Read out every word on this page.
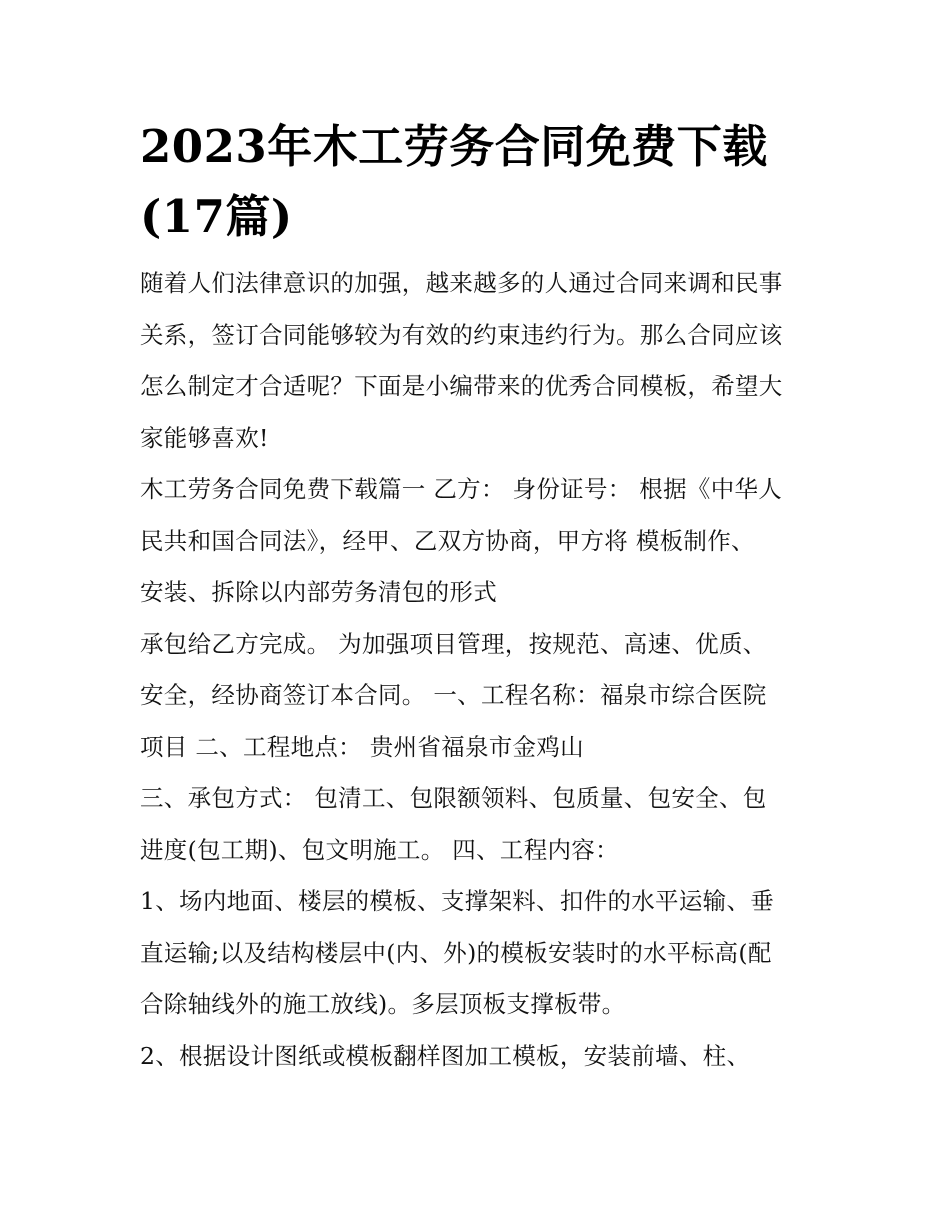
2023年木工劳务合同免费下载
(17篇)
随着人们法律意识的加强，越来越多的人通过合同来调和民事
关系，签订合同能够较为有效的约束违约行为。那么合同应该
怎么制定才合适呢？下面是小编带来的优秀合同模板，希望大
家能够喜欢!
木工劳务合同免费下载篇一 乙方： 身份证号： 根据《中华人
民共和国合同法》，经甲、乙双方协商，甲方将 模板制作、
安装、拆除以内部劳务清包的形式
承包给乙方完成。 为加强项目管理，按规范、高速、优质、
安全，经协商签订本合同。 一、工程名称：福泉市综合医院
项目 二、工程地点： 贵州省福泉市金鸡山
三、承包方式： 包清工、包限额领料、包质量、包安全、包
进度(包工期)、包文明施工。 四、工程内容：
1、场内地面、楼层的模板、支撑架料、扣件的水平运输、垂
直运输;以及结构楼层中(内、外)的模板安装时的水平标高(配
合除轴线外的施工放线)。多层顶板支撑板带。
2、根据设计图纸或模板翻样图加工模板，安装前墙、柱、
